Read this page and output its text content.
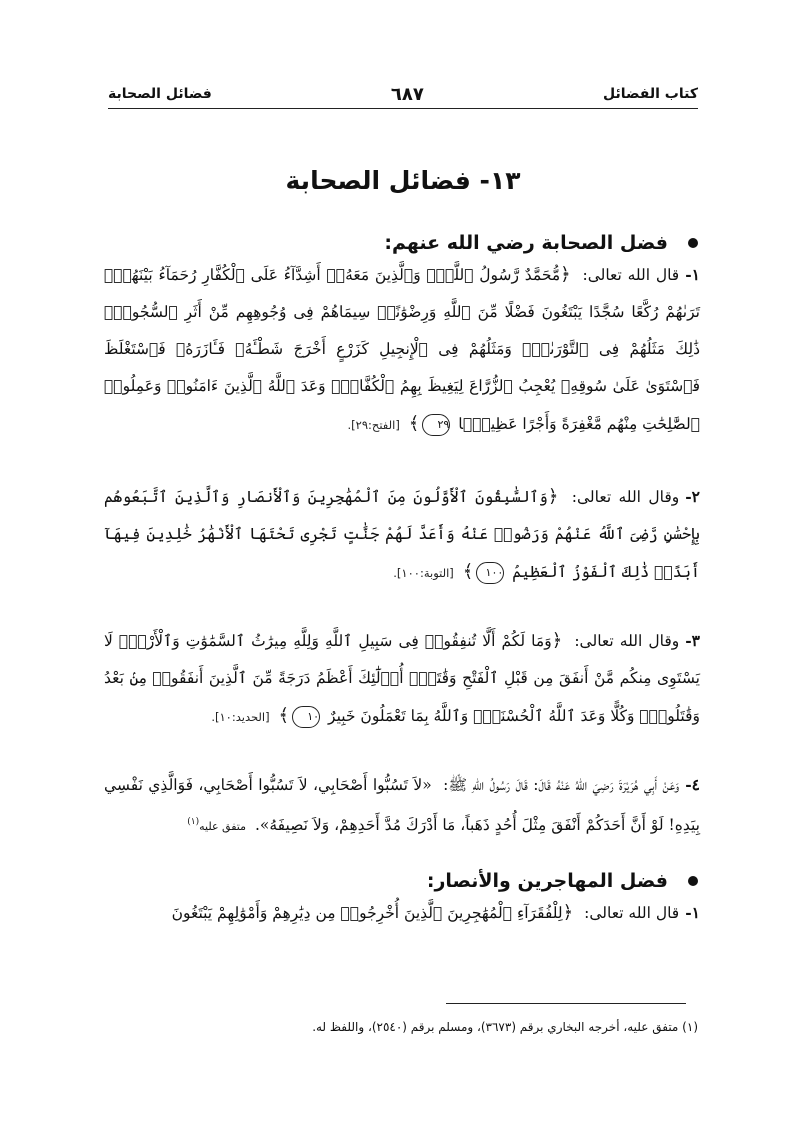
كتاب الفضائل
٦٨٧
فضائل الصحابة
١٣- فضائل الصحابة
فضل الصحابة رضي الله عنهم:
١-قال الله تعالى: ﴿مُّحَمَّدٌ رَّسُولُ ٱللَّهِۚ وَٱلَّذِينَ مَعَهُۥٓ أَشِدَّآءُ عَلَى ٱلْكُفَّارِ رُحَمَآءُ بَيْنَهُمْۖ تَرَىٰهُمْ رُكَّعًا سُجَّدًا يَبْتَغُونَ فَضْلًا مِّنَ ٱللَّهِ وَرِضْوَٰنًاۖ سِيمَاهُمْ فِى وُجُوهِهِم مِّنْ أَثَرِ ٱلسُّجُودِۚ ذَٰلِكَ مَثَلُهُمْ فِى ٱلتَّوْرَىٰةِۚ وَمَثَلُهُمْ فِى ٱلْإِنجِيلِ كَزَرْعٍ أَخْرَجَ شَطْـَٔهُۥ فَـَٔازَرَهُۥ فَٱسْتَغْلَظَ فَٱسْتَوَىٰ عَلَىٰ سُوقِهِۦ يُعْجِبُ ٱلزُّرَّاعَ لِيَغِيظَ بِهِمُ ٱلْكُفَّارَۗ وَعَدَ ٱللَّهُ ٱلَّذِينَ ءَامَنُوا۟ وَعَمِلُوا۟ ٱلصَّٰلِحَٰتِ مِنْهُم مَّغْفِرَةً وَأَجْرًا عَظِيمًۢا ٢٩﴾ [الفتح:٢٩].
٢-وقال الله تعالى: ﴿وَٱلسَّٰبِقُونَ ٱلْأَوَّلُونَ مِنَ ٱلْمُهَٰجِرِينَ وَٱلْأَنصَارِ وَٱلَّذِينَ ٱتَّبَعُوهُم بِإِحْسَٰنٍ رَّضِىَ ٱللَّهُ عَنْهُمْ وَرَضُوا۟ عَنْهُ وَأَعَدَّ لَهُمْ جَنَّٰتٍ تَجْرِى تَحْتَهَا ٱلْأَنْهَٰرُ خَٰلِدِينَ فِيهَآ أَبَدًاۚ ذَٰلِكَ ٱلْفَوْزُ ٱلْعَظِيمُ ١٠٠﴾ [التوبة:١٠٠].
٣-وقال الله تعالى: ﴿وَمَا لَكُمْ أَلَّا تُنفِقُوا۟ فِى سَبِيلِ ٱللَّهِ وَلِلَّهِ مِيرَٰثُ ٱلسَّمَٰوَٰتِ وَٱلْأَرْضِۚ لَا يَسْتَوِى مِنكُم مَّنْ أَنفَقَ مِن قَبْلِ ٱلْفَتْحِ وَقَٰتَلَۚ أُو۟لَٰٓئِكَ أَعْظَمُ دَرَجَةً مِّنَ ٱلَّذِينَ أَنفَقُوا۟ مِنۢ بَعْدُ وَقَٰتَلُوا۟ۚ وَكُلًّا وَعَدَ ٱللَّهُ ٱلْحُسْنَىٰۚ وَٱللَّهُ بِمَا تَعْمَلُونَ خَبِيرٌ ١٠﴾ [الحديد:١٠].
٤-وَعَنْ أَبِي هُرَيْرَةَ رَضِيَ اللهُ عَنْهُ قَالَ: قَالَ رَسُولُ اللهِ ﷺ: «لاَ تَسُبُّوا أَصْحَابِي، لاَ تَسُبُّوا أَصْحَابِي، فَوَالَّذِي نَفْسِي بِيَدِهِ! لَوْ أَنَّ أَحَدَكُمْ أَنْفَقَ مِثْلَ أُحُدٍ ذَهَباً، مَا أَدْرَكَ مُدَّ أَحَدِهِمْ، وَلاَ نَصِيفَهُ». متفق عليه$^{(١)}$
فضل المهاجرين والأنصار:
١-قال الله تعالى: ﴿لِلْفُقَرَآءِ ٱلْمُهَٰجِرِينَ ٱلَّذِينَ أُخْرِجُوا۟ مِن دِيَٰرِهِمْ وَأَمْوَٰلِهِمْ يَبْتَغُونَ
(١) متفق عليه، أخرجه البخاري برقم (٣٦٧٣)، ومسلم برقم (٢٥٤٠)، واللفظ له.
